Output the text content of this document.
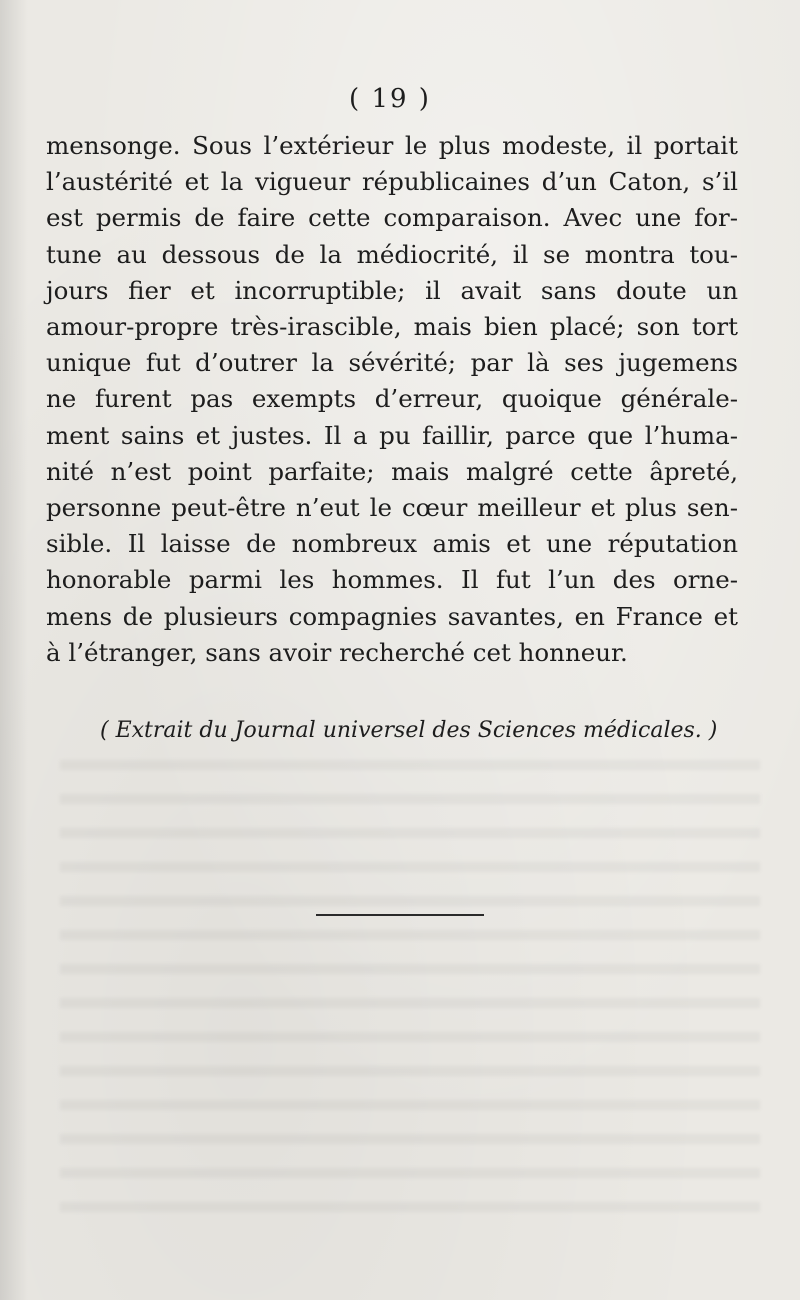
( 19 )
mensonge. Sous l’extérieur le plus modeste, il portait
l’austérité et la vigueur républicaines d’un Caton, s’il
est permis de faire cette comparaison. Avec une for-
tune au dessous de la médiocrité, il se montra tou-
jours fier et incorruptible; il avait sans doute un
amour-propre très-irascible, mais bien placé; son tort
unique fut d’outrer la sévérité; par là ses jugemens
ne furent pas exempts d’erreur, quoique générale-
ment sains et justes. Il a pu faillir, parce que l’huma-
nité n’est point parfaite; mais malgré cette âpreté,
personne peut-être n’eut le cœur meilleur et plus sen-
sible. Il laisse de nombreux amis et une réputation
honorable parmi les hommes. Il fut l’un des orne-
mens de plusieurs compagnies savantes, en France et
à l’étranger, sans avoir recherché cet honneur.
( Extrait du Journal universel des Sciences médicales. )
